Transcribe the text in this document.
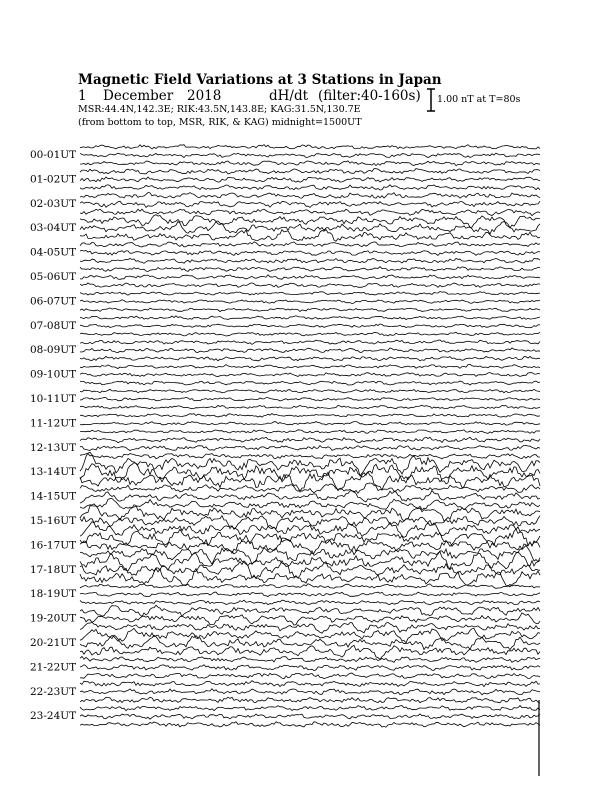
Magnetic Field Variations at 3 Stations in Japan
1 December 2018	dH/dt (filter:40-160s)
MSR:44.4N,142.3E; RIK:43.5N,143.8E; KAG:31.5N,130.7E
(from bottom to top, MSR, RIK, & KAG) midnight=1500UT
1.00 nT at T=80s
00-01UT
01-02UT
02-03UT
03-04UT
04-05UT
05-06UT
06-07UT
07-08UT
08-09UT
09-10UT
10-11UT
11-12UT
12-13UT
13-14UT
14-15UT
15-16UT
16-17UT
17-18UT
18-19UT
19-20UT
20-21UT
21-22UT
22-23UT
23-24UT
